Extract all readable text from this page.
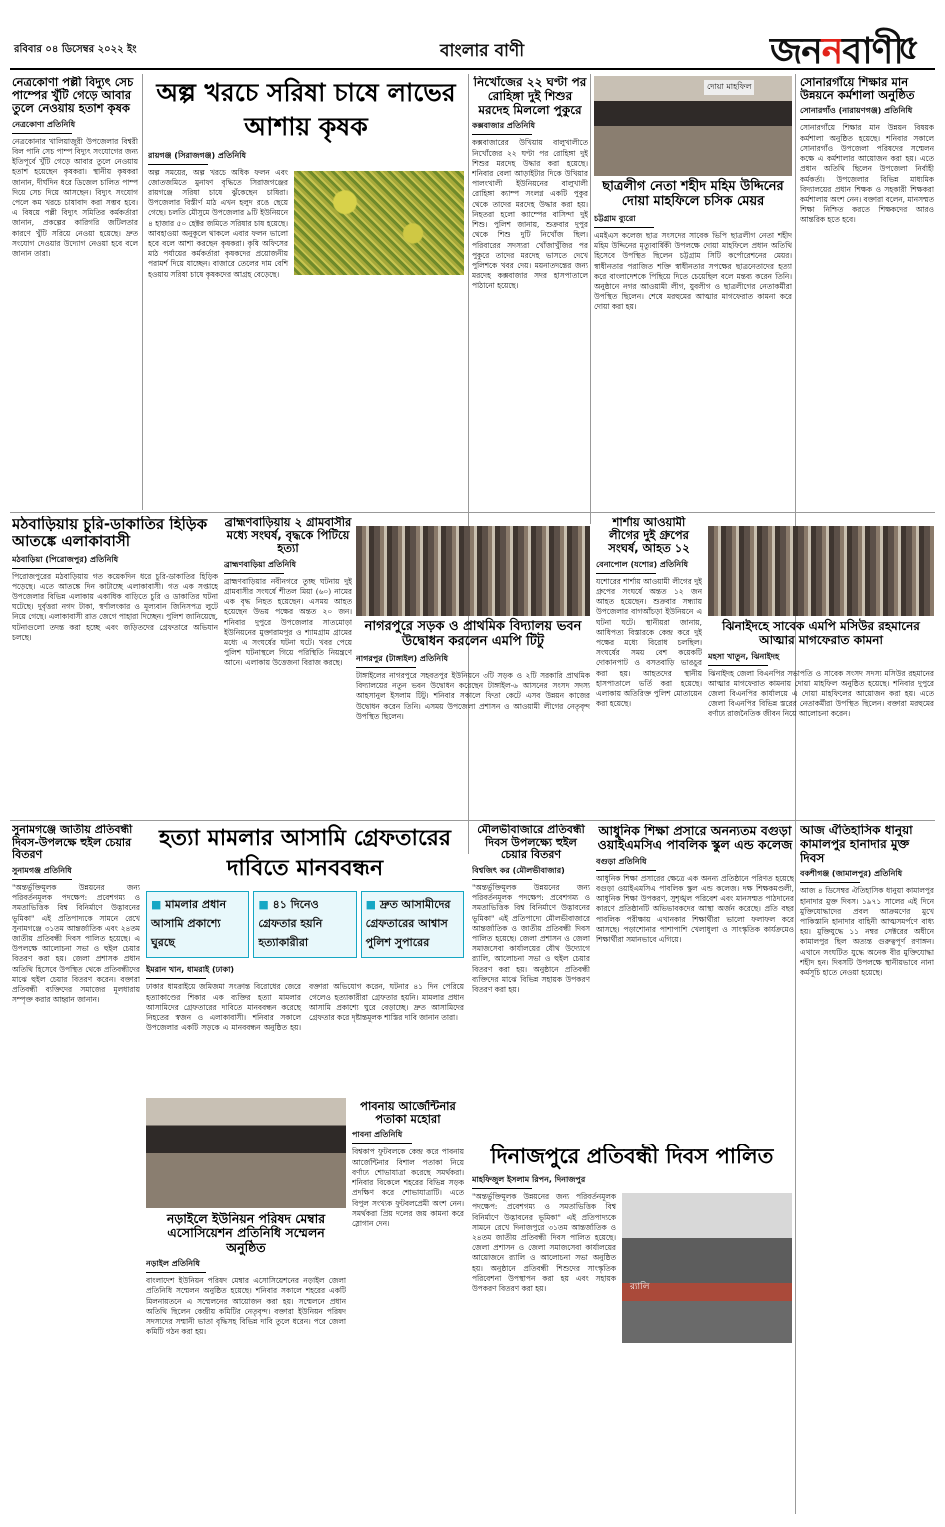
রবিবার ০৪ ডিসেম্বর ২০২২ ইং	বাংলার বাণী	জননবাণী
৫
নেত্রকোণা পল্লী বিদ্যুৎ সেচ পাম্পের খুঁটি গেড়ে আবার তুলে নেওয়ায় হতাশ কৃষক
নেত্রকোণা প্রতিনিধি
নেত্রকোনার খালিয়াজুরী উপজেলার বিশ্বরী বিল পানি সেচ পাম্প বিদ্যুৎ সংযোগের জন্য ইতিপূর্বে খুঁটি গেড়ে আবার তুলে নেওয়ায় হতাশ হয়েছেন কৃষকরা। স্থানীয় কৃষকরা জানান, দীর্ঘদিন ধরে ডিজেল চালিত পাম্প দিয়ে সেচ দিয়ে আসছেন। বিদ্যুৎ সংযোগ পেলে কম খরচে চাষাবাদ করা সম্ভব হবে। এ বিষয়ে পল্লী বিদ্যুৎ সমিতির কর্মকর্তারা জানান, প্রকল্পের কারিগরি জটিলতার কারণে খুঁটি সরিয়ে নেওয়া হয়েছে। দ্রুত সংযোগ দেওয়ার উদ্যোগ নেওয়া হবে বলে জানান তারা।
অল্প খরচে সরিষা চাষে লাভের আশায় কৃষক
রায়গঞ্জ (সিরাজগঞ্জ) প্রতিনিধি
অল্প সময়ের, অল্প খরচে অধিক ফলন এবং জোতজমিতে মুনাফা বৃদ্ধিতে সিরাজগঞ্জের রায়গঞ্জে সরিষা চাষে ঝুঁকেছেন চাষিরা। উপজেলার বিস্তীর্ণ মাঠ এখন হলুদ রঙে ছেয়ে গেছে। চলতি মৌসুমে উপজেলার ৯টি ইউনিয়নে ৪ হাজার ৫০ হেক্টর জমিতে সরিষার চাষ হয়েছে। আবহাওয়া অনুকূলে থাকলে এবার ফলন ভালো হবে বলে আশা করছেন কৃষকরা। কৃষি অফিসের মাঠ পর্যায়ের কর্মকর্তারা কৃষকদের প্রয়োজনীয় পরামর্শ দিয়ে যাচ্ছেন। বাজারে তেলের দাম বেশি হওয়ায় সরিষা চাষে কৃষকদের আগ্রহ বেড়েছে।
নিখোঁজের ২২ ঘণ্টা পর রোহিঙ্গা দুই শিশুর মরদেহ মিললো পুকুরে
কক্সবাজার প্রতিনিধি
কক্সবাজারের উখিয়ায় বালুখালীতে নিখোঁজের ২২ ঘণ্টা পর রোহিঙ্গা দুই শিশুর মরদেহ উদ্ধার করা হয়েছে। শনিবার বেলা আড়াইটার দিকে উখিয়ার পালংখালী ইউনিয়নের বালুখালী রোহিঙ্গা ক্যাম্প সংলগ্ন একটি পুকুর থেকে তাদের মরদেহ উদ্ধার করা হয়। নিহতরা হলো ক্যাম্পের বাসিন্দা দুই শিশু। পুলিশ জানায়, শুক্রবার দুপুর থেকে শিশু দুটি নিখোঁজ ছিল। পরিবারের সদস্যরা খোঁজাখুঁজির পর পুকুরে তাদের মরদেহ ভাসতে দেখে পুলিশকে খবর দেয়। ময়নাতদন্তের জন্য মরদেহ কক্সবাজার সদর হাসপাতালে পাঠানো হয়েছে।
দোয়া মাহফিল
ছাত্রলীগ নেতা শহীদ মহিম উদ্দিনের দোয়া মাহফিলে চসিক মেয়র
চট্টগ্রাম ব্যুরো
এমইএস কলেজ ছাত্র সংসদের সাবেক ভিপি ছাত্রলীগ নেতা শহীদ মহিম উদ্দিনের মৃত্যুবার্ষিকী উপলক্ষে দোয়া মাহফিলে প্রধান অতিথি হিসেবে উপস্থিত ছিলেন চট্টগ্রাম সিটি কর্পোরেশনের মেয়র। স্বাধীনতার পরাজিত শক্তি স্বাধীনতার সপক্ষের ছাত্রনেতাদের হত্যা করে বাংলাদেশকে পিছিয়ে দিতে চেয়েছিল বলে মন্তব্য করেন তিনি। অনুষ্ঠানে নগর আওয়ামী লীগ, যুবলীগ ও ছাত্রলীগের নেতাকর্মীরা উপস্থিত ছিলেন। শেষে মরহুমের আত্মার মাগফেরাত কামনা করে দোয়া করা হয়।
সোনারগাঁয়ে শিক্ষার মান উন্নয়নে কর্মশালা অনুষ্ঠিত
সোনারগাঁও (নারায়ণগঞ্জ) প্রতিনিধি
সোনারগাঁয়ে শিক্ষার মান উন্নয়ন বিষয়ক কর্মশালা অনুষ্ঠিত হয়েছে। শনিবার সকালে সোনারগাঁও উপজেলা পরিষদের সম্মেলন কক্ষে এ কর্মশালার আয়োজন করা হয়। এতে প্রধান অতিথি ছিলেন উপজেলা নির্বাহী কর্মকর্তা। উপজেলার বিভিন্ন মাধ্যমিক বিদ্যালয়ের প্রধান শিক্ষক ও সহকারী শিক্ষকরা কর্মশালায় অংশ নেন। বক্তারা বলেন, মানসম্মত শিক্ষা নিশ্চিত করতে শিক্ষকদের আরও আন্তরিক হতে হবে।
মঠবাড়িয়ায় চুরি-ডাকাতির হিড়িক আতঙ্কে এলাকাবাসী
মঠবাড়িয়া (পিরোজপুর) প্রতিনিধি
পিরোজপুরের মঠবাড়িয়ায় গত কয়েকদিন ধরে চুরি-ডাকাতির হিড়িক পড়েছে। এতে আতঙ্কে দিন কাটাচ্ছে এলাকাবাসী। গত এক সপ্তাহে উপজেলার বিভিন্ন এলাকায় একাধিক বাড়িতে চুরি ও ডাকাতির ঘটনা ঘটেছে। দুর্বৃত্তরা নগদ টাকা, স্বর্ণালংকার ও মূল্যবান জিনিসপত্র লুটে নিয়ে গেছে। এলাকাবাসী রাত জেগে পাহারা দিচ্ছেন। পুলিশ জানিয়েছে, ঘটনাগুলো তদন্ত করা হচ্ছে এবং জড়িতদের গ্রেফতারে অভিযান চলছে।
ব্রাহ্মণবাড়িয়ায় ২ গ্রামবাসীর মধ্যে সংঘর্ষ, বৃদ্ধকে পিটিয়ে হত্যা
ব্রাহ্মণবাড়িয়া প্রতিনিধি
ব্রাহ্মণবাড়িয়ার নবীনগরে তুচ্ছ ঘটনায় দুই গ্রামবাসীর সংঘর্ষে শীতল মিয়া (৬০) নামের এক বৃদ্ধ নিহত হয়েছেন। এসময় আহত হয়েছেন উভয় পক্ষের অন্তত ২০ জন। শনিবার দুপুরে উপজেলার সাতমোড়া ইউনিয়নের মুক্তারামপুর ও শ্যামগ্রাম গ্রামের মধ্যে এ সংঘর্ষের ঘটনা ঘটে। খবর পেয়ে পুলিশ ঘটনাস্থলে গিয়ে পরিস্থিতি নিয়ন্ত্রণে আনে। এলাকায় উত্তেজনা বিরাজ করছে।
নাগরপুরে সড়ক ও প্রাথমিক বিদ্যালয় ভবন উদ্বোধন করলেন এমপি টিটু
নাগরপুর (টাঙ্গাইল) প্রতিনিধি
টাঙ্গাইলের নাগরপুরে সহবতপুর ইউনিয়নে ৩টি সড়ক ও ২টি সরকারি প্রাথমিক বিদ্যালয়ের নতুন ভবন উদ্বোধন করেছেন টাঙ্গাইল-৬ আসনের সংসদ সদস্য আহসানুল ইসলাম টিটু। শনিবার সকালে ফিতা কেটে এসব উন্নয়ন কাজের উদ্বোধন করেন তিনি। এসময় উপজেলা প্রশাসন ও আওয়ামী লীগের নেতৃবৃন্দ উপস্থিত ছিলেন।
শার্শায় আওয়ামী লীগের দুই গ্রুপের সংঘর্ষ, আহত ১২
বেনাপোল (যশোর) প্রতিনিধি
যশোরের শার্শায় আওয়ামী লীগের দুই গ্রুপের সংঘর্ষে অন্তত ১২ জন আহত হয়েছেন। শুক্রবার সন্ধ্যায় উপজেলার বাগআঁচড়া ইউনিয়নে এ ঘটনা ঘটে। স্থানীয়রা জানায়, আধিপত্য বিস্তারকে কেন্দ্র করে দুই পক্ষের মধ্যে বিরোধ চলছিল। সংঘর্ষের সময় বেশ কয়েকটি দোকানপাট ও বসতবাড়ি ভাঙচুর করা হয়। আহতদের স্থানীয় হাসপাতালে ভর্তি করা হয়েছে। এলাকায় অতিরিক্ত পুলিশ মোতায়েন করা হয়েছে।
ঝিনাইদহে সাবেক এমপি মসিউর রহমানের আত্মার মাগফেরাত কামনা
মহসা খাতুন, ঝিনাইদহ
ঝিনাইদহ জেলা বিএনপির সভাপতি ও সাবেক সংসদ সদস্য মসিউর রহমানের আত্মার মাগফেরাত কামনায় দোয়া মাহফিল অনুষ্ঠিত হয়েছে। শনিবার দুপুরে জেলা বিএনপির কার্যালয়ে এ দোয়া মাহফিলের আয়োজন করা হয়। এতে জেলা বিএনপির বিভিন্ন স্তরের নেতাকর্মীরা উপস্থিত ছিলেন। বক্তারা মরহুমের বর্ণাঢ্য রাজনৈতিক জীবন নিয়ে আলোচনা করেন।
সুনামগঞ্জে জাতীয় প্রতিবন্ধী দিবস-উপলক্ষে হুইল চেয়ার বিতরণ
সুনামগঞ্জ প্রতিনিধি
"অন্তর্ভুক্তিমূলক উন্নয়নের জন্য পরিবর্তনমূলক পদক্ষেপ: প্রবেশগম্য ও সমতাভিত্তিক বিশ্ব বিনির্মাণে উদ্ভাবনের ভূমিকা" এই প্রতিপাদ্যকে সামনে রেখে সুনামগঞ্জে ৩১তম আন্তর্জাতিক এবং ২৪তম জাতীয় প্রতিবন্ধী দিবস পালিত হয়েছে। এ উপলক্ষে আলোচনা সভা ও হুইল চেয়ার বিতরণ করা হয়। জেলা প্রশাসক প্রধান অতিথি হিসেবে উপস্থিত থেকে প্রতিবন্ধীদের মাঝে হুইল চেয়ার বিতরণ করেন। বক্তারা প্রতিবন্ধী ব্যক্তিদের সমাজের মূলধারায় সম্পৃক্ত করার আহ্বান জানান।
হত্যা মামলার আসামি গ্রেফতারের দাবিতে মানববন্ধন
■ মামলার প্রধান আসামি প্রকাশ্যে ঘুরছে
■ ৪১ দিনেও গ্রেফতার হয়নি হত্যাকারীরা
■ দ্রুত আসামীদের গ্রেফতারের আশ্বাস পুলিশ সুপারের
ইমরান খান, ধামরাই (ঢাকা)
ঢাকার ধামরাইয়ে জমিজমা সংক্রান্ত বিরোধের জেরে হত্যাকাণ্ডের শিকার এক ব্যক্তির হত্যা মামলার আসামিদের গ্রেফতারের দাবিতে মানববন্ধন করেছে নিহতের স্বজন ও এলাকাবাসী। শনিবার সকালে উপজেলার একটি সড়কে এ মানববন্ধন অনুষ্ঠিত হয়। বক্তারা অভিযোগ করেন, ঘটনার ৪১ দিন পেরিয়ে গেলেও হত্যাকারীরা গ্রেফতার হয়নি। মামলার প্রধান আসামি প্রকাশ্যে ঘুরে বেড়াচ্ছে। দ্রুত আসামিদের গ্রেফতার করে দৃষ্টান্তমূলক শাস্তির দাবি জানান তারা।
পাবনায় আর্জেন্টিনার পতাকা মহোরা
পাবনা প্রতিনিধি
বিশ্বকাপ ফুটবলকে কেন্দ্র করে পাবনায় আর্জেন্টিনার বিশাল পতাকা নিয়ে বর্ণাঢ্য শোভাযাত্রা করেছে সমর্থকরা। শনিবার বিকেলে শহরের বিভিন্ন সড়ক প্রদক্ষিণ করে শোভাযাত্রাটি। এতে বিপুল সংখ্যক ফুটবলপ্রেমী অংশ নেন। সমর্থকরা প্রিয় দলের জয় কামনা করে স্লোগান দেন।
নড়াইলে ইউনিয়ন পরিষদ মেম্বার এসোসিয়েশন প্রতিনিধি সম্মেলন অনুষ্ঠিত
নড়াইল প্রতিনিধি
বাংলাদেশ ইউনিয়ন পরিষদ মেম্বার এসোসিয়েশনের নড়াইল জেলা প্রতিনিধি সম্মেলন অনুষ্ঠিত হয়েছে। শনিবার সকালে শহরের একটি মিলনায়তনে এ সম্মেলনের আয়োজন করা হয়। সম্মেলনে প্রধান অতিথি ছিলেন কেন্দ্রীয় কমিটির নেতৃবৃন্দ। বক্তারা ইউনিয়ন পরিষদ সদস্যদের সম্মানী ভাতা বৃদ্ধিসহ বিভিন্ন দাবি তুলে ধরেন। পরে জেলা কমিটি গঠন করা হয়।
মৌলভীবাজারে প্রতিবন্ধী দিবস উপলক্ষ্যে হুইল চেয়ার বিতরণ
বিশ্বজিৎ কর (মৌলভীবাজার)
"অন্তর্ভুক্তিমূলক উন্নয়নের জন্য পরিবর্তনমূলক পদক্ষেপ: প্রবেশগম্য ও সমতাভিত্তিক বিশ্ব বিনির্মাণে উদ্ভাবনের ভূমিকা" এই প্রতিপাদ্যে মৌলভীবাজারে আন্তর্জাতিক ও জাতীয় প্রতিবন্ধী দিবস পালিত হয়েছে। জেলা প্রশাসন ও জেলা সমাজসেবা কার্যালয়ের যৌথ উদ্যোগে র‍্যালি, আলোচনা সভা ও হুইল চেয়ার বিতরণ করা হয়। অনুষ্ঠানে প্রতিবন্ধী ব্যক্তিদের মাঝে বিভিন্ন সহায়ক উপকরণ বিতরণ করা হয়।
আধুনিক শিক্ষা প্রসারে অনন্যতম বগুড়া ওয়াইএমসিএ পাবলিক স্কুল এন্ড কলেজ
বগুড়া প্রতিনিধি
আধুনিক শিক্ষা প্রসারের ক্ষেত্রে এক অনন্য প্রতিষ্ঠানে পরিণত হয়েছে বগুড়া ওয়াইএমসিএ পাবলিক স্কুল এন্ড কলেজ। দক্ষ শিক্ষকমণ্ডলী, আধুনিক শিক্ষা উপকরণ, সুশৃঙ্খল পরিবেশ এবং মানসম্মত পাঠদানের কারণে প্রতিষ্ঠানটি অভিভাবকদের আস্থা অর্জন করেছে। প্রতি বছর পাবলিক পরীক্ষায় এখানকার শিক্ষার্থীরা ভালো ফলাফল করে আসছে। পড়াশোনার পাশাপাশি খেলাধুলা ও সাংস্কৃতিক কার্যক্রমেও শিক্ষার্থীরা সমানভাবে এগিয়ে।
দিনাজপুরে প্রতিবন্ধী দিবস পালিত
মাহফিজুল ইসলাম রিপন, দিনাজপুর
র‍্যালি
"অন্তর্ভুক্তিমূলক উন্নয়নের জন্য পরিবর্তনমূলক পদক্ষেপ: প্রবেশগম্য ও সমতাভিত্তিক বিশ্ব বিনির্মাণে উদ্ভাবনের ভূমিকা" এই প্রতিপাদ্যকে সামনে রেখে দিনাজপুরে ৩১তম আন্তর্জাতিক ও ২৪তম জাতীয় প্রতিবন্ধী দিবস পালিত হয়েছে। জেলা প্রশাসন ও জেলা সমাজসেবা কার্যালয়ের আয়োজনে র‍্যালি ও আলোচনা সভা অনুষ্ঠিত হয়। অনুষ্ঠানে প্রতিবন্ধী শিশুদের সাংস্কৃতিক পরিবেশনা উপস্থাপন করা হয় এবং সহায়ক উপকরণ বিতরণ করা হয়।
আজ ঐতিহাসিক ধানুয়া কামালপুর হানাদার মুক্ত দিবস
বকশীগঞ্জ (জামালপুর) প্রতিনিধি
আজ ৪ ডিসেম্বর ঐতিহাসিক ধানুয়া কামালপুর হানাদার মুক্ত দিবস। ১৯৭১ সালের এই দিনে মুক্তিযোদ্ধাদের প্রবল আক্রমণের মুখে পাকিস্তানি হানাদার বাহিনী আত্মসমর্পণে বাধ্য হয়। মুক্তিযুদ্ধে ১১ নম্বর সেক্টরের অধীনে কামালপুর ছিল অত্যন্ত গুরুত্বপূর্ণ রণাঙ্গন। এখানে সংঘটিত যুদ্ধে অনেক বীর মুক্তিযোদ্ধা শহীদ হন। দিবসটি উপলক্ষে স্থানীয়ভাবে নানা কর্মসূচি হাতে নেওয়া হয়েছে।
